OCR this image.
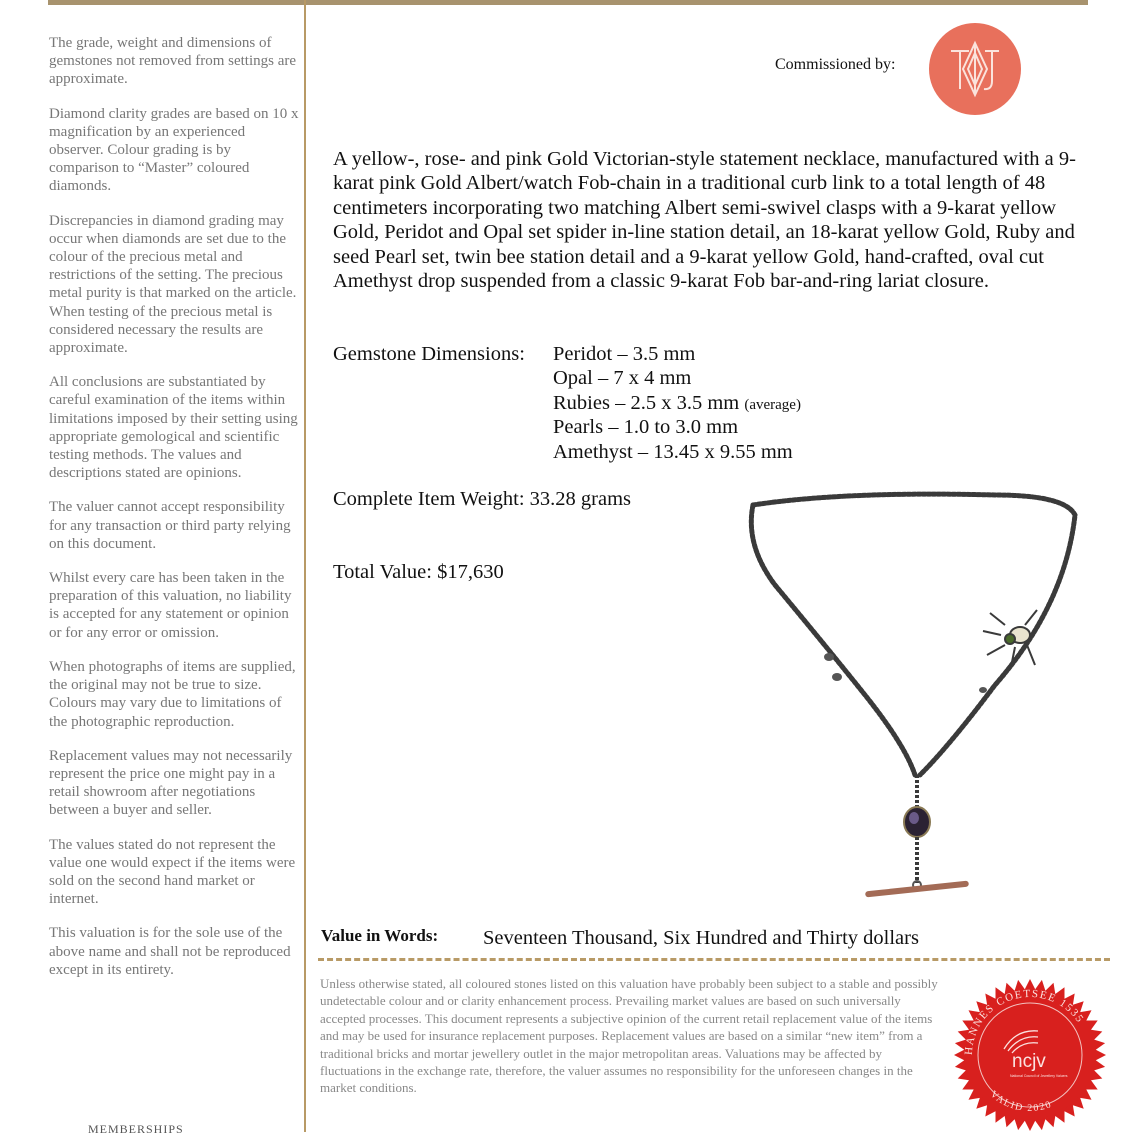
The grade, weight and dimensions of gemstones not removed from settings are approximate.

Diamond clarity grades are based on 10 x magnification by an experienced observer. Colour grading is by comparison to “Master” coloured diamonds.

Discrepancies in diamond grading may occur when diamonds are set due to the colour of the precious metal and restrictions of the setting. The precious metal purity is that marked on the article. When testing of the precious metal is considered necessary the results are approximate.

All conclusions are substantiated by careful examination of the items within limitations imposed by their setting using appropriate gemological and scientific testing methods. The values and descriptions stated are opinions.

The valuer cannot accept responsibility for any transaction or third party relying on this document.

Whilst every care has been taken in the preparation of this valuation, no liability is accepted for any statement or opinion or for any error or omission.

When photographs of items are supplied, the original may not be true to size. Colours may vary due to limitations of the photographic reproduction.

Replacement values may not necessarily represent the price one might pay in a retail showroom after negotiations between a buyer and seller.

The values stated do not represent the value one would expect if the items were sold on the second hand market or internet.

This valuation is for the sole use of the above name and shall not be reproduced except in its entirety.

MEMBERSHIPS
Commissioned by:
A yellow-, rose- and pink Gold Victorian-style statement necklace, manufactured with a 9-karat pink Gold Albert/watch Fob-chain in a traditional curb link to a total length of 48 centimeters incorporating two matching Albert semi-swivel clasps with a 9-karat yellow Gold, Peridot and Opal set spider in-line station detail, an 18-karat yellow Gold, Ruby and seed Pearl set, twin bee station detail and a 9-karat yellow Gold, hand-crafted, oval cut Amethyst drop suspended from a classic 9-karat Fob bar-and-ring lariat closure.
Gemstone Dimensions: Peridot – 3.5 mm
Opal – 7 x 4 mm
Rubies – 2.5 x 3.5 mm (average)
Pearls – 1.0 to 3.0 mm
Amethyst – 13.45 x 9.55 mm
Complete Item Weight: 33.28 grams
Total Value: $17,630
Value in Words: Seventeen Thousand, Six Hundred and Thirty dollars
Unless otherwise stated, all coloured stones listed on this valuation have probably been subject to a stable and possibly undetectable colour and or clarity enhancement process. Prevailing market values are based on such universally accepted processes. This document represents a subjective opinion of the current retail replacement value of the items and may be used for insurance replacement purposes. Replacement values are based on a similar “new item” from a traditional bricks and mortar jewellery outlet in the major metropolitan areas. Valuations may be affected by fluctuations in the exchange rate, therefore, the valuer assumes no responsibility for the unforeseen changes in the market conditions.
HANNES COETSEE 1535
VALID 2020
ncjv
National Council of Jewellery Valuers
